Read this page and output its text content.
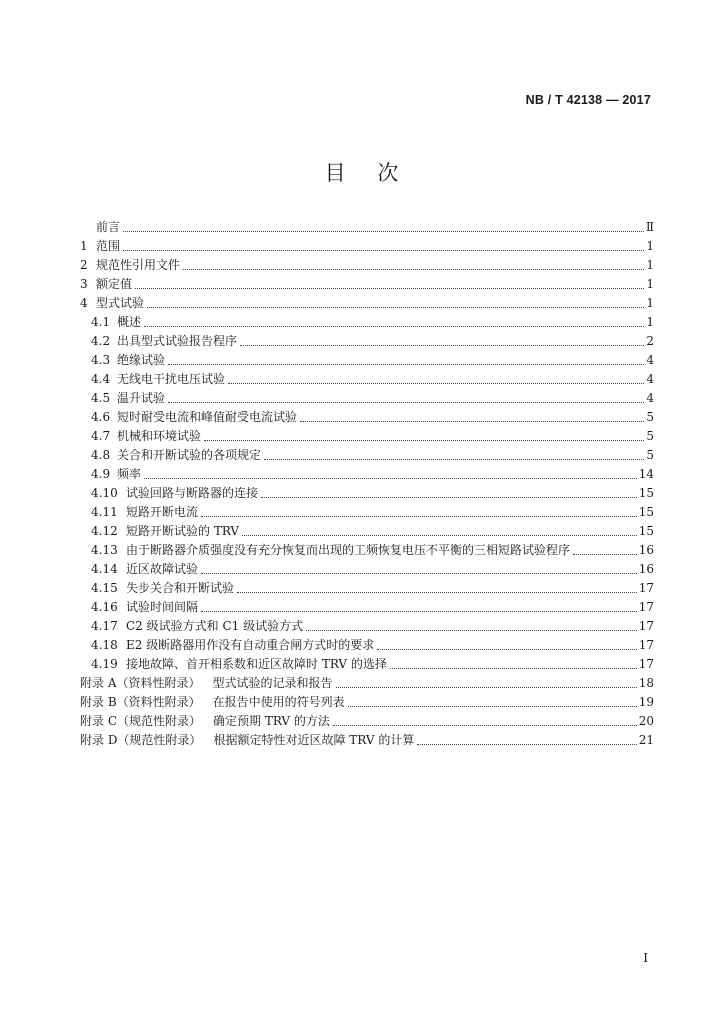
NB / T 42138 — 2017
目    次
前言	Ⅱ
1 范围	1
2 规范性引用文件	1
3 额定值	1
4 型式试验	1
4.1 概述	1
4.2 出具型式试验报告程序	2
4.3 绝缘试验	4
4.4 无线电干扰电压试验	4
4.5 温升试验	4
4.6 短时耐受电流和峰值耐受电流试验	5
4.7 机械和环境试验	5
4.8 关合和开断试验的各项规定	5
4.9 频率	14
4.10 试验回路与断路器的连接	15
4.11 短路开断电流	15
4.12 短路开断试验的 TRV	15
4.13 由于断路器介质强度没有充分恢复而出现的工频恢复电压不平衡的三相短路试验程序	16
4.14 近区故障试验	16
4.15 失步关合和开断试验	17
4.16 试验时间间隔	17
4.17 C2 级试验方式和 C1 级试验方式	17
4.18 E2 级断路器用作没有自动重合闸方式时的要求	17
4.19 接地故障、首开相系数和近区故障时 TRV 的选择	17
附录 A（资料性附录）	型式试验的记录和报告	18
附录 B（资料性附录）	在报告中使用的符号列表	19
附录 C（规范性附录）	确定预期 TRV 的方法	20
附录 D（规范性附录）	根据额定特性对近区故障 TRV 的计算	21
I
